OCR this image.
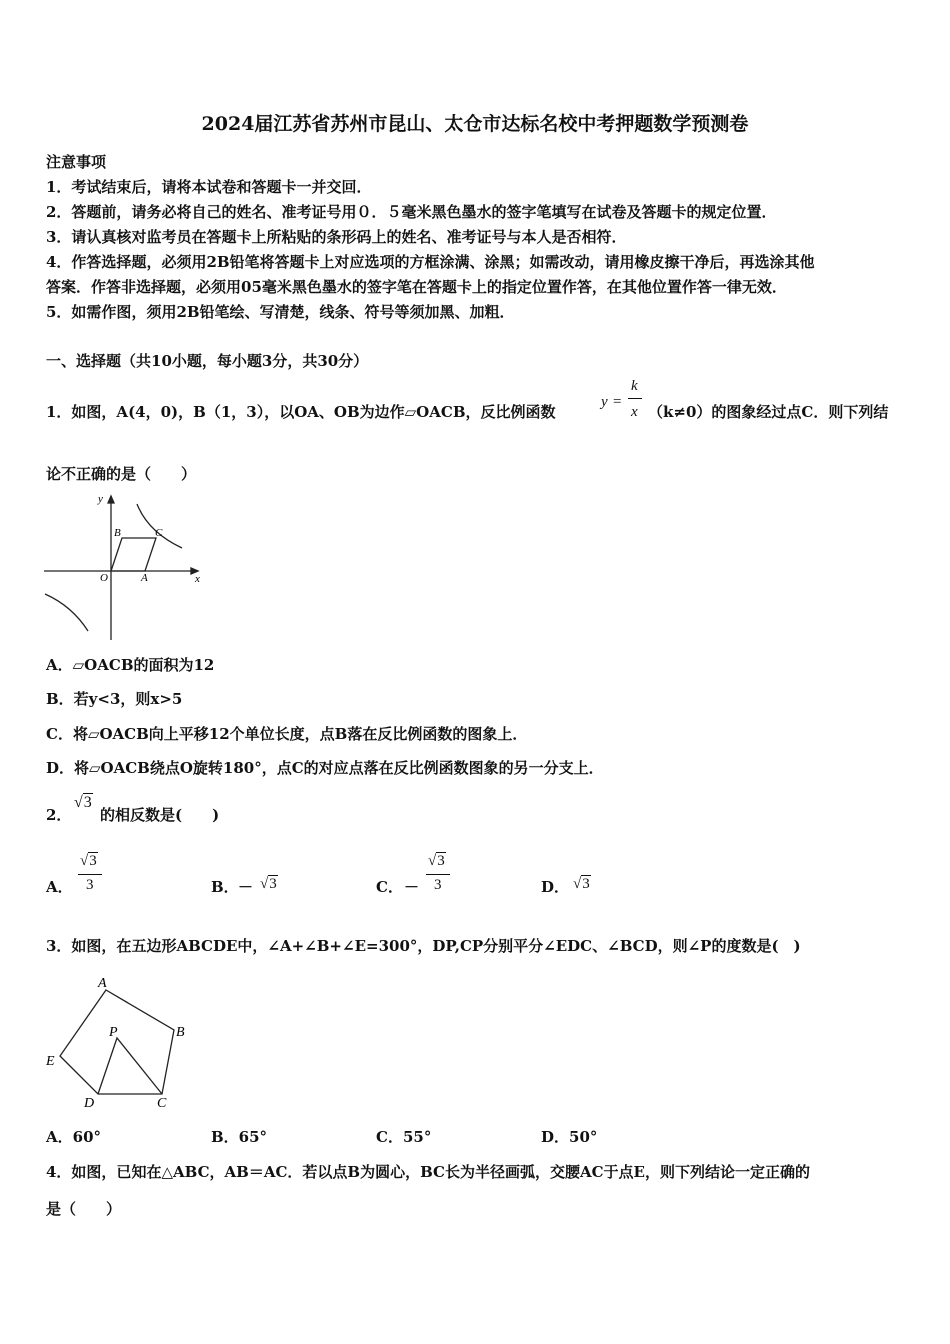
2024届江苏省苏州市昆山、太仓市达标名校中考押题数学预测卷
注意事项
1．考试结束后，请将本试卷和答题卡一并交回．
2．答题前，请务必将自己的姓名、准考证号用０．５毫米黑色墨水的签字笔填写在试卷及答题卡的规定位置．
3．请认真核对监考员在答题卡上所粘贴的条形码上的姓名、准考证号与本人是否相符．
4．作答选择题，必须用2B铅笔将答题卡上对应选项的方框涂满、涂黑；如需改动，请用橡皮擦干净后，再选涂其他
答案．作答非选择题，必须用05毫米黑色墨水的签字笔在答题卡上的指定位置作答，在其他位置作答一律无效．
5．如需作图，须用2B铅笔绘、写清楚，线条、符号等须加黑、加粗．
一、选择题（共10小题，每小题3分，共30分）
1．如图，A(4，0)，B（1，3），以OA、OB为边作▱OACB，反比例函数
y =
k
x （k≠0）的图象经过点C．则下列结
论不正确的是（　　）
y
x
O	A
B	C
A．▱OACB的面积为12
B．若y<3，则x>5
C．将▱OACB向上平移12个单位长度，点B落在反比例函数的图象上．
D．将▱OACB绕点O旋转180°，点C的对应点落在反比例函数图象的另一分支上．
2．
√3
的相反数是(　　)
A．
√3
3	B． － √3	C． －
√3
3	D． √3
3．如图，在五边形ABCDE中，∠A+∠B+∠E=300°，DP,CP分别平分∠EDC、∠BCD，则∠P的度数是(　)
A
B
C
D
E
P
A．60°	B．65°	C．55°	D．50°
4．如图，已知在△ABC，AB＝AC．若以点B为圆心，BC长为半径画弧，交腰AC于点E，则下列结论一定正确的
是（　　）
